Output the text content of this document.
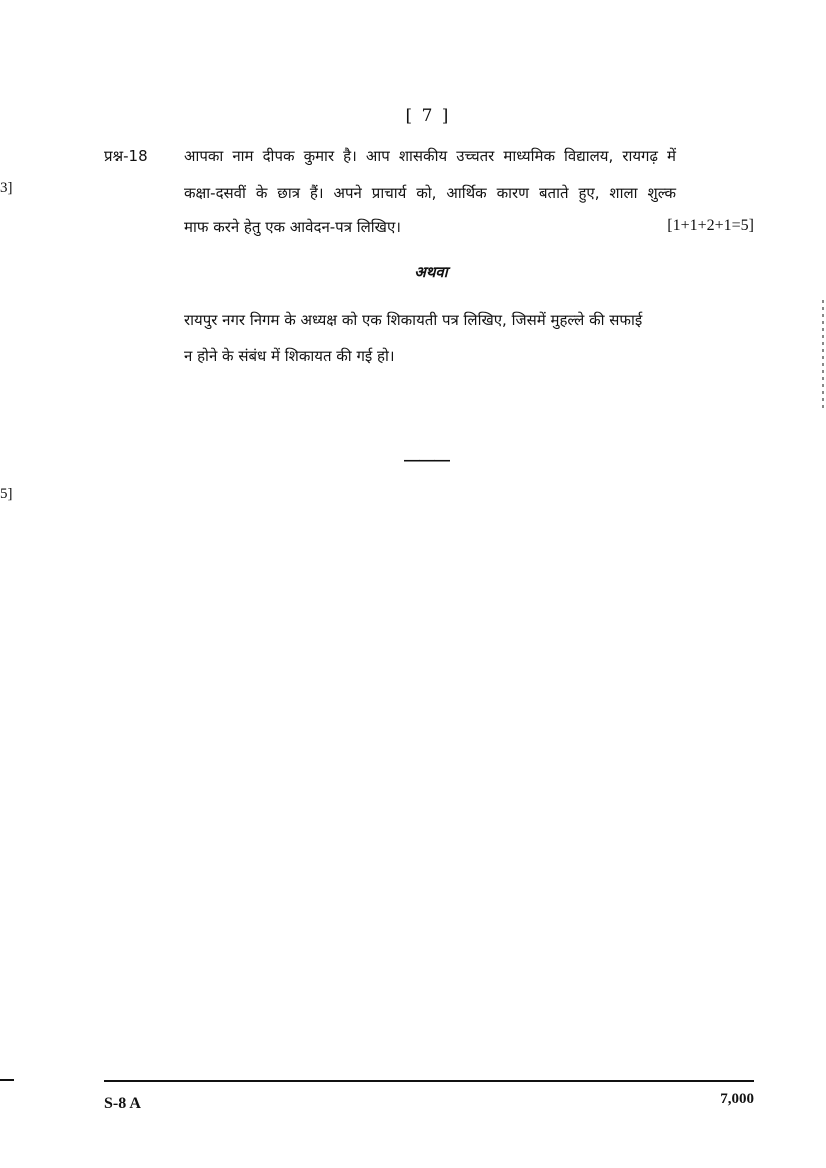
[ 7 ]
3]
5]
प्रश्न-18 आपका नाम दीपक कुमार है। आप शासकीय उच्चतर माध्यमिक विद्यालय, रायगढ़ में
कक्षा-दसवीं के छात्र हैं। अपने प्राचार्य को, आर्थिक कारण बताते हुए, शाला शुल्क
माफ करने हेतु एक आवेदन-पत्र लिखिए।	[1+1+2+1=5]
अथवा
रायपुर नगर निगम के अध्यक्ष को एक शिकायती पत्र लिखिए, जिसमें मुहल्ले की सफाई
न होने के संबंध में शिकायत की गई हो।
———
S-8 A	7,000
